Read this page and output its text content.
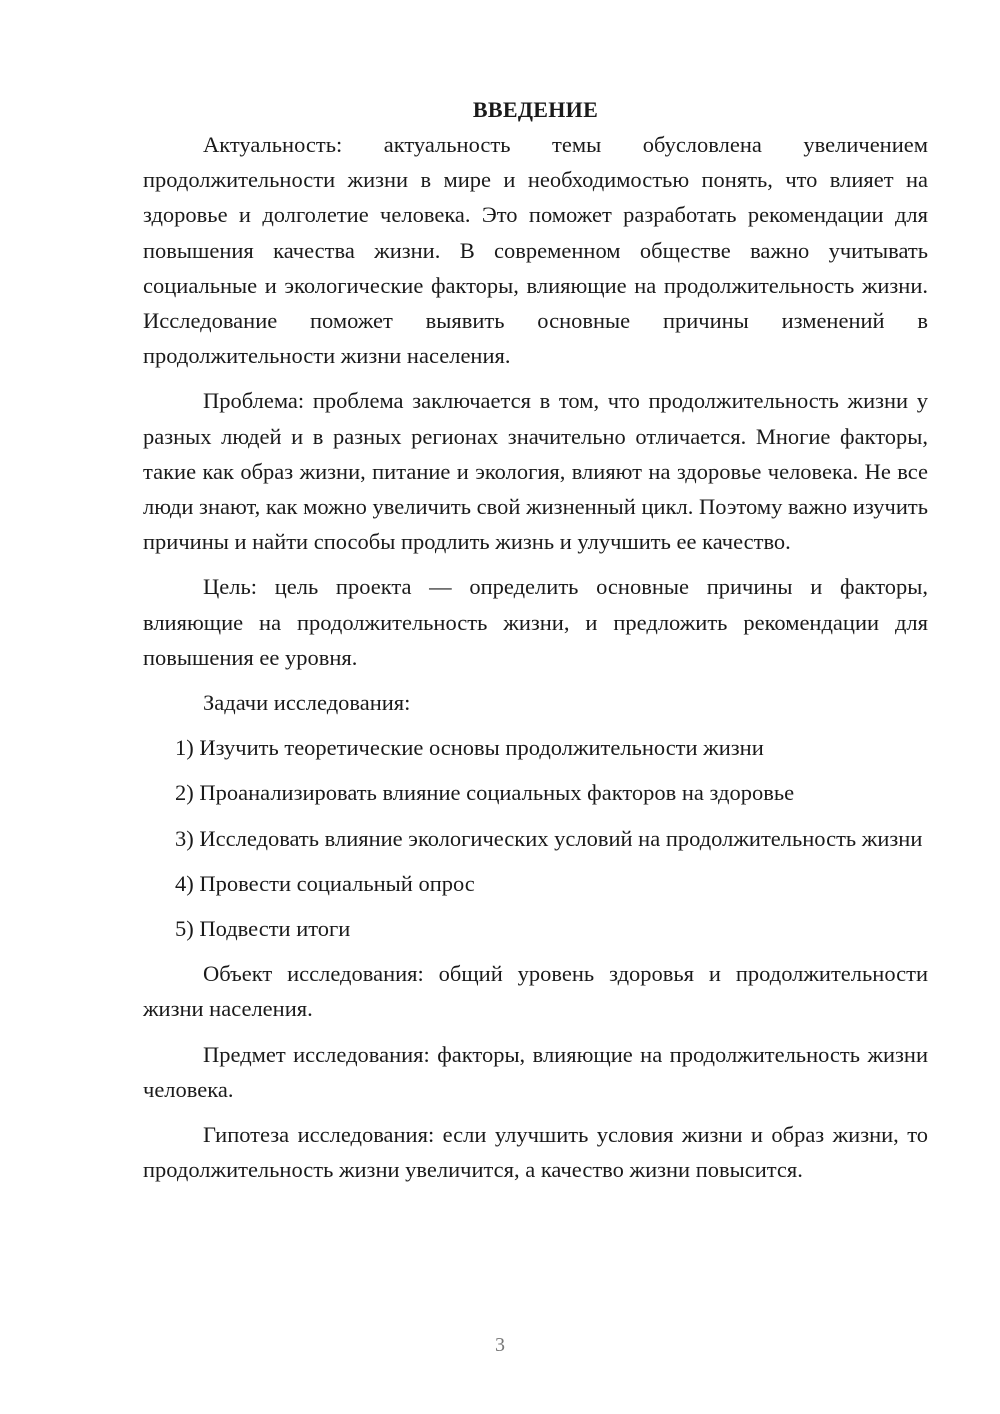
ВВЕДЕНИЕ

Актуальность: актуальность темы обусловлена увеличением продолжительности жизни в мире и необходимостью понять, что влияет на здоровье и долголетие человека. Это поможет разработать рекомендации для повышения качества жизни. В современном обществе важно учитывать социальные и экологические факторы, влияющие на продолжительность жизни. Исследование поможет выявить основные причины изменений в продолжительности жизни населения.

Проблема: проблема заключается в том, что продолжительность жизни у разных людей и в разных регионах значительно отличается. Многие факторы, такие как образ жизни, питание и экология, влияют на здоровье человека. Не все люди знают, как можно увеличить свой жизненный цикл. Поэтому важно изучить причины и найти способы продлить жизнь и улучшить ее качество.

Цель: цель проекта — определить основные причины и факторы, влияющие на продолжительность жизни, и предложить рекомендации для повышения ее уровня.

Задачи исследования:

1) Изучить теоретические основы продолжительности жизни

2) Проанализировать влияние социальных факторов на здоровье

3) Исследовать влияние экологических условий на продолжительность жизни

4) Провести социальный опрос

5) Подвести итоги

Объект исследования: общий уровень здоровья и продолжительности жизни населения.

Предмет исследования: факторы, влияющие на продолжительность жизни человека.

Гипотеза исследования: если улучшить условия жизни и образ жизни, то продолжительность жизни увеличится, а качество жизни повысится.

3
